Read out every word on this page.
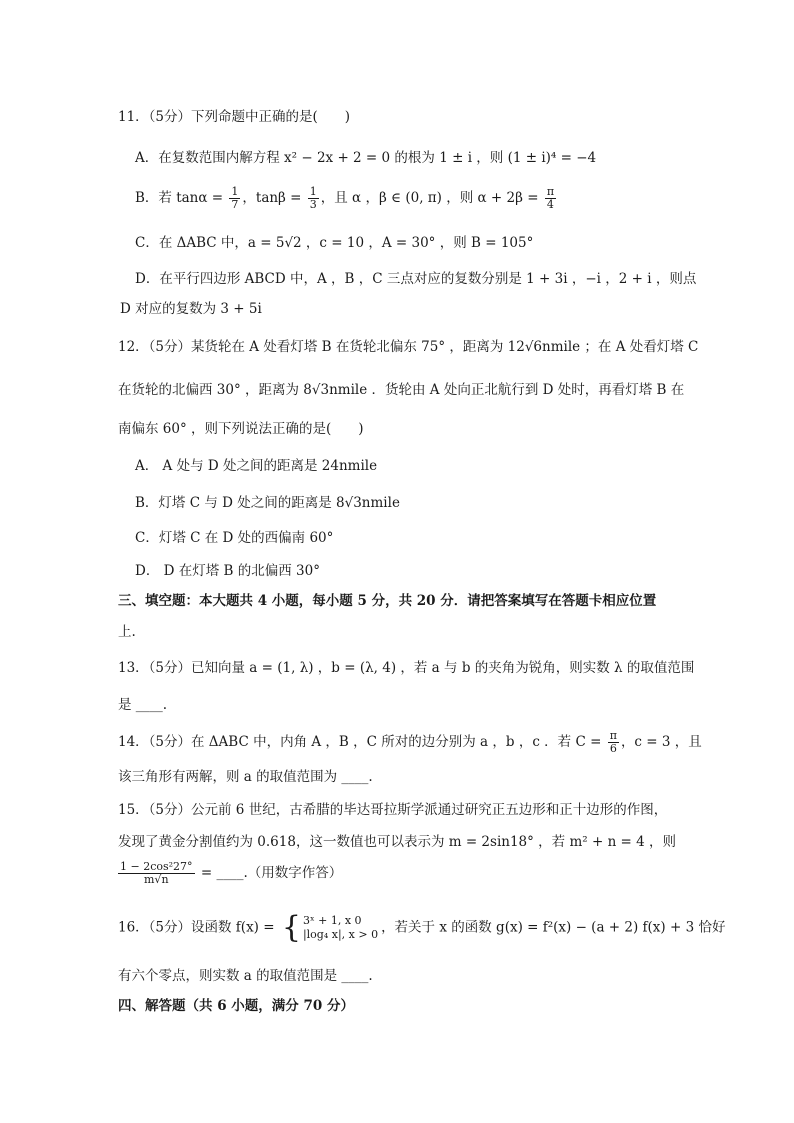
11．（5分）下列命题中正确的是(　　)
A．在复数范围内解方程 x² − 2x + 2 = 0 的根为 1 ± i ，则 (1 ± i)⁴ = −4
B．若 $\tan\alpha = \frac{1}{7}$ ，$\tan\beta = \frac{1}{3}$ ，且 α ，β ∈ (0, π) ，则 $\alpha + 2\beta = \frac{\pi}{4}$
C．在 ΔABC 中，a = 5√2 ，c = 10 ，A = 30° ，则 B = 105°
D．在平行四边形 ABCD 中，A ，B ，C 三点对应的复数分别是 1 + 3i ，−i ，2 + i ，则点
D 对应的复数为 3 + 5i
12．（5分）某货轮在 A 处看灯塔 B 在货轮北偏东 75° ，距离为 12√6nmile ；在 A 处看灯塔 C
在货轮的北偏西 30° ，距离为 8√3nmile ．货轮由 A 处向正北航行到 D 处时，再看灯塔 B 在
南偏东 60° ，则下列说法正确的是(　　)
A． A 处与 D 处之间的距离是 24nmile
B．灯塔 C 与 D 处之间的距离是 8√3nmile
C．灯塔 C 在 D 处的西偏南 60°
D． D 在灯塔 B 的北偏西 30°
三、填空题：本大题共 4 小题，每小题 5 分，共 20 分．请把答案填写在答题卡相应位置
上.
13．（5分）已知向量 a = (1, λ) ，b = (λ, 4) ，若 a 与 b 的夹角为锐角，则实数 λ 的取值范围
是 ____.
14．（5分）在 ΔABC 中，内角 A ，B ，C 所对的边分别为 a ，b ，c ．若 $C = \frac{\pi}{6}$ ，c = 3 ，且
该三角形有两解，则 a 的取值范围为 ____.
15．（5分）公元前 6 世纪，古希腊的毕达哥拉斯学派通过研究正五边形和正十边形的作图，
发现了黄金分割值约为 0.618，这一数值也可以表示为 m = 2sin18° ，若 m² + n = 4 ，则
$\frac{\text{1 − 2cos²27°}}{m√n}$ = ____.（用数字作答）
16．（5分）设函数 f(x) = { 3ˣ + 1, x 0
|log₄ x|, x > 0 ，若关于 x 的函数 g(x) = f²(x) − (a + 2) f(x) + 3 恰好
有六个零点，则实数 a 的取值范围是 ____.
四、解答题（共 6 小题，满分 70 分）
